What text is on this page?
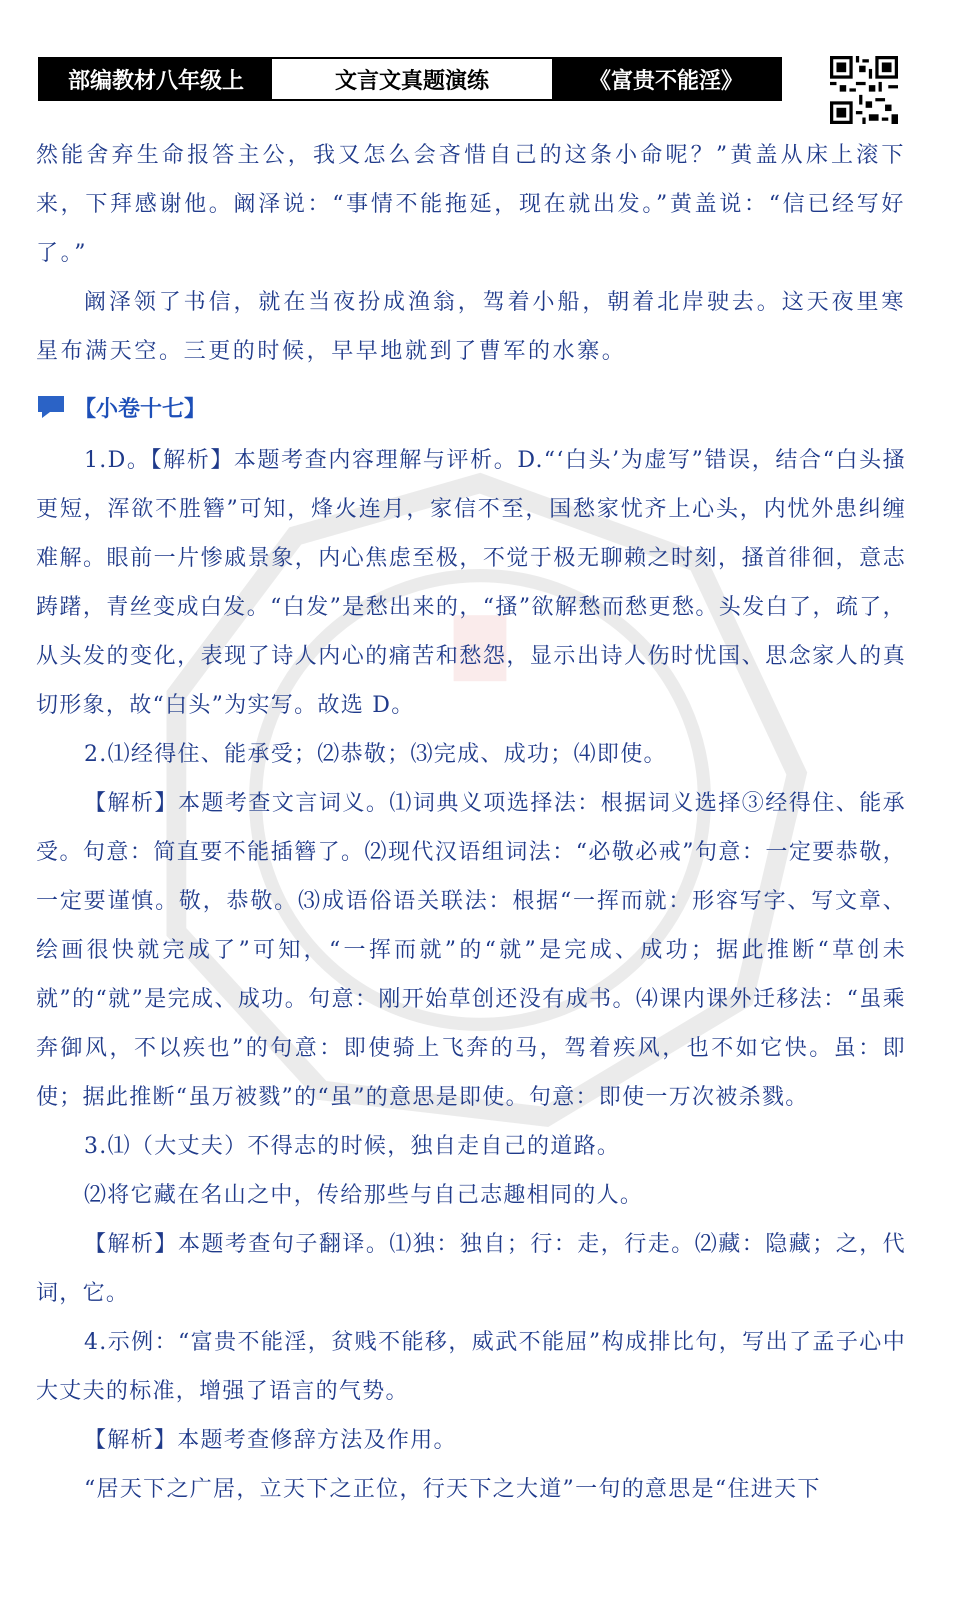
部编教材八年级上	文言文真题演练	《富贵不能淫》

然能舍弃生命报答主公，我又怎么会吝惜自己的这条小命呢？”黄盖从床上滚下来，下拜感谢他。阚泽说：“事情不能拖延，现在就出发。”黄盖说：“信已经写好了。”

阚泽领了书信，就在当夜扮成渔翁，驾着小船，朝着北岸驶去。这天夜里寒星布满天空。三更的时候，早早地就到了曹军的水寨。

【小卷十七】

1.D。【解析】本题考查内容理解与评析。D.“‘白头’为虚写”错误，结合“白头搔更短，浑欲不胜簪”可知，烽火连月，家信不至，国愁家忧齐上心头，内忧外患纠缠难解。眼前一片惨戚景象，内心焦虑至极，不觉于极无聊赖之时刻，搔首徘徊，意志踌躇，青丝变成白发。“白发”是愁出来的，“搔”欲解愁而愁更愁。头发白了，疏了，从头发的变化，表现了诗人内心的痛苦和愁怨，显示出诗人伤时忧国、思念家人的真切形象，故“白头”为实写。故选 D。

2.⑴经得住、能承受；⑵恭敬；⑶完成、成功；⑷即使。

【解析】本题考查文言词义。⑴词典义项选择法：根据词义选择③经得住、能承受。句意：简直要不能插簪了。⑵现代汉语组词法：“必敬必戒”句意：一定要恭敬，一定要谨慎。敬，恭敬。⑶成语俗语关联法：根据“一挥而就：形容写字、写文章、绘画很快就完成了”可知，“一挥而就”的“就”是完成、成功；据此推断“草创未就”的“就”是完成、成功。句意：刚开始草创还没有成书。⑷课内课外迁移法：“虽乘奔御风，不以疾也”的句意：即使骑上飞奔的马，驾着疾风，也不如它快。虽：即使；据此推断“虽万被戮”的“虽”的意思是即使。句意：即使一万次被杀戮。

3.⑴（大丈夫）不得志的时候，独自走自己的道路。

⑵将它藏在名山之中，传给那些与自己志趣相同的人。

【解析】本题考查句子翻译。⑴独：独自；行：走，行走。⑵藏：隐藏；之，代词，它。

4.示例：“富贵不能淫，贫贱不能移，威武不能屈”构成排比句，写出了孟子心中大丈夫的标准，增强了语言的气势。

【解析】本题考查修辞方法及作用。

“居天下之广居，立天下之正位，行天下之大道”一句的意思是“住进天下
